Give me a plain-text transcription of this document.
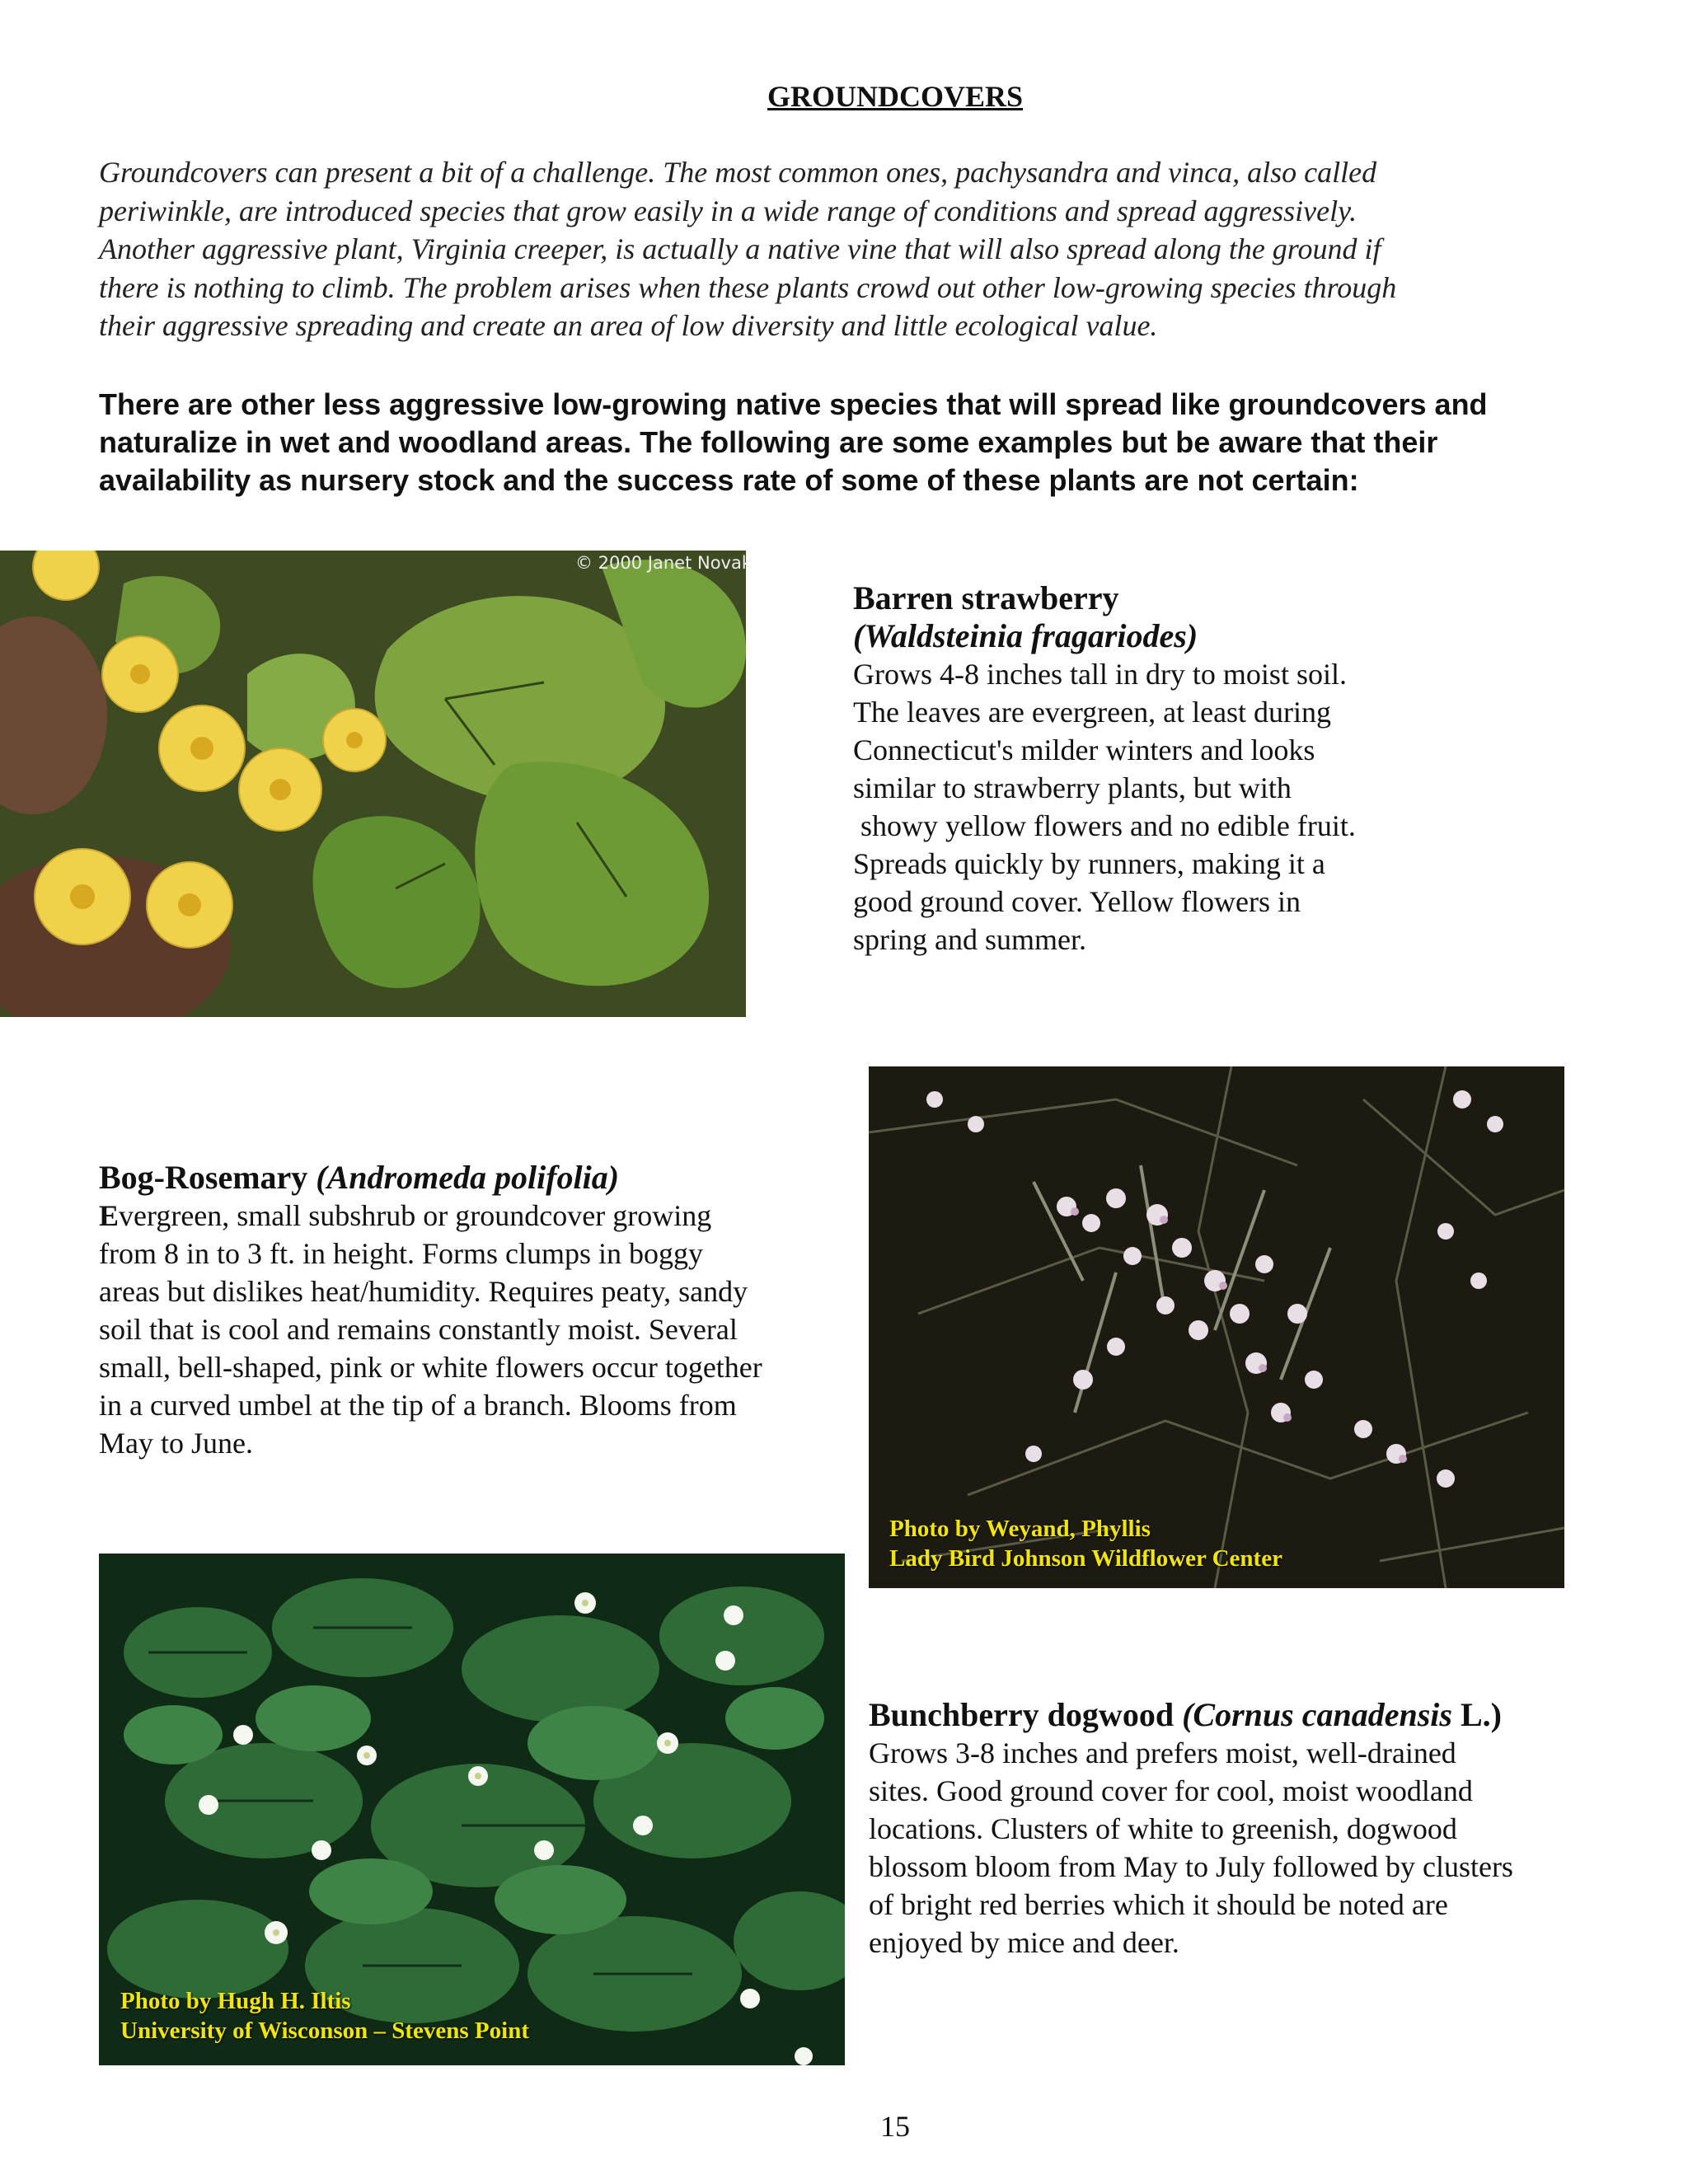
GROUNDCOVERS
Groundcovers can present a bit of a challenge. The most common ones, pachysandra and vinca, also called
periwinkle, are introduced species that grow easily in a wide range of conditions and spread aggressively.
Another aggressive plant, Virginia creeper, is actually a native vine that will also spread along the ground if
there is nothing to climb. The problem arises when these plants crowd out other low-growing species through
their aggressive spreading and create an area of low diversity and little ecological value.
There are other less aggressive low-growing native species that will spread like groundcovers and
naturalize in wet and woodland areas. The following are some examples but be aware that their
availability as nursery stock and the success rate of some of these plants are not certain:
© 2000 Janet Novak
Barren strawberry
(Waldsteinia fragariodes)
Grows 4-8 inches tall in dry to moist soil.
The leaves are evergreen, at least during
Connecticut's milder winters and looks
similar to strawberry plants, but with
showy yellow flowers and no edible fruit.
Spreads quickly by runners, making it a
good ground cover. Yellow flowers in
spring and summer.
Bog-Rosemary (Andromeda polifolia)
Evergreen, small subshrub or groundcover growing
from 8 in to 3 ft. in height. Forms clumps in boggy
areas but dislikes heat/humidity. Requires peaty, sandy
soil that is cool and remains constantly moist. Several
small, bell-shaped, pink or white flowers occur together
in a curved umbel at the tip of a branch. Blooms from
May to June.
Photo by Weyand, Phyllis
Lady Bird Johnson Wildflower Center
Photo by Hugh H. Iltis
University of Wisconson – Stevens Point
Bunchberry dogwood (Cornus canadensis L.)
Grows 3-8 inches and prefers moist, well-drained
sites. Good ground cover for cool, moist woodland
locations. Clusters of white to greenish, dogwood
blossom bloom from May to July followed by clusters
of bright red berries which it should be noted are
enjoyed by mice and deer.
15
